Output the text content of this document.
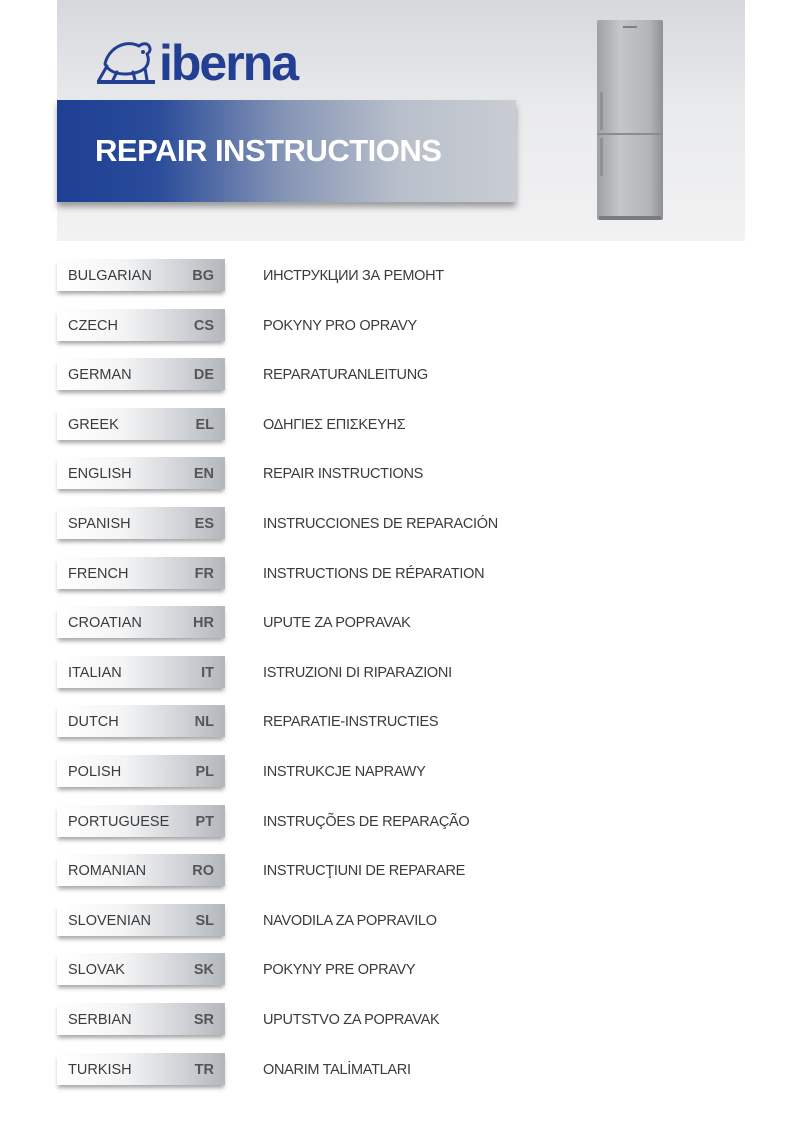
iberna
REPAIR INSTRUCTIONS
BULGARIAN	BG	ИНСТРУКЦИИ ЗА РЕМОНТ
CZECH	CS	POKYNY PRO OPRAVY
GERMAN	DE	REPARATURANLEITUNG
GREEK	EL	ΟΔΗΓΙΕΣ ΕΠΙΣΚΕΥΗΣ
ENGLISH	EN	REPAIR INSTRUCTIONS
SPANISH	ES	INSTRUCCIONES DE REPARACIÓN
FRENCH	FR	INSTRUCTIONS DE RÉPARATION
CROATIAN	HR	UPUTE ZA POPRAVAK
ITALIAN	IT	ISTRUZIONI DI RIPARAZIONI
DUTCH	NL	REPARATIE-INSTRUCTIES
POLISH	PL	INSTRUKCJE NAPRAWY
PORTUGUESE PT	INSTRUÇÕES DE REPARAÇÃO
ROMANIAN	RO	INSTRUCŢIUNI DE REPARARE
SLOVENIAN	SL	NAVODILA ZA POPRAVILO
SLOVAK	SK	POKYNY PRE OPRAVY
SERBIAN	SR	UPUTSTVO ZA POPRAVAK
TURKISH	TR	ONARIM TALİMATLARI
